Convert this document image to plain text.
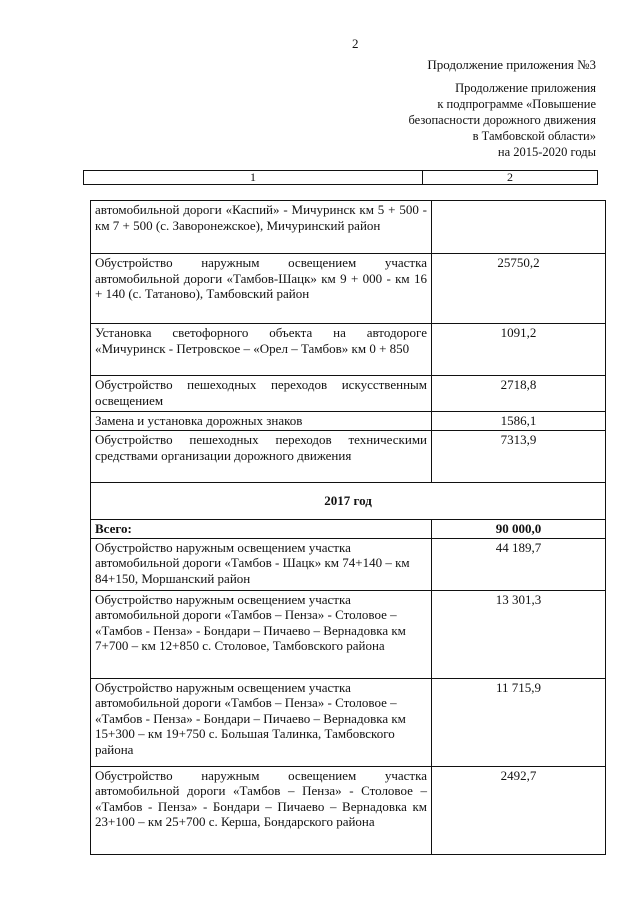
2
Продолжение приложения №3
Продолжение приложения
к подпрограмме «Повышение
безопасности дорожного движения
в Тамбовской области»
на 2015-2020 годы
1	2
автомобильной дороги «Каспий» - Мичуринск км 5 + 500 - км 7 + 500 (с. Заворонежское), Мичуринский район	
Обустройство наружным освещением участка автомобильной дороги «Тамбов-Шацк» км 9 + 000 - км 16 + 140 (с. Татаново), Тамбовский район	25750,2
Установка светофорного объекта на автодороге «Мичуринск - Петровское – «Орел – Тамбов» км 0 + 850	1091,2
Обустройство пешеходных переходов искусственным освещением	2718,8
Замена и установка дорожных знаков	1586,1
Обустройство пешеходных переходов техническими средствами организации дорожного движения	7313,9
2017 год	
Всего:	90 000,0
Обустройство наружным освещением участка автомобильной дороги «Тамбов - Шацк» км 74+140 – км 84+150, Моршанский район	44 189,7
Обустройство наружным освещением участка автомобильной дороги «Тамбов – Пенза» - Столовое – «Тамбов - Пенза» - Бондари – Пичаево – Вернадовка км 7+700 – км 12+850 с. Столовое, Тамбовского района	13 301,3
Обустройство наружным освещением участка автомобильной дороги «Тамбов – Пенза» - Столовое – «Тамбов - Пенза» - Бондари – Пичаево – Вернадовка км 15+300 – км 19+750 с. Большая Талинка, Тамбовского района	11 715,9
Обустройство наружным освещением участка автомобильной дороги «Тамбов – Пенза» - Столовое – «Тамбов - Пенза» - Бондари – Пичаево – Вернадовка км 23+100 – км 25+700 с. Керша, Бондарского района	2492,7
